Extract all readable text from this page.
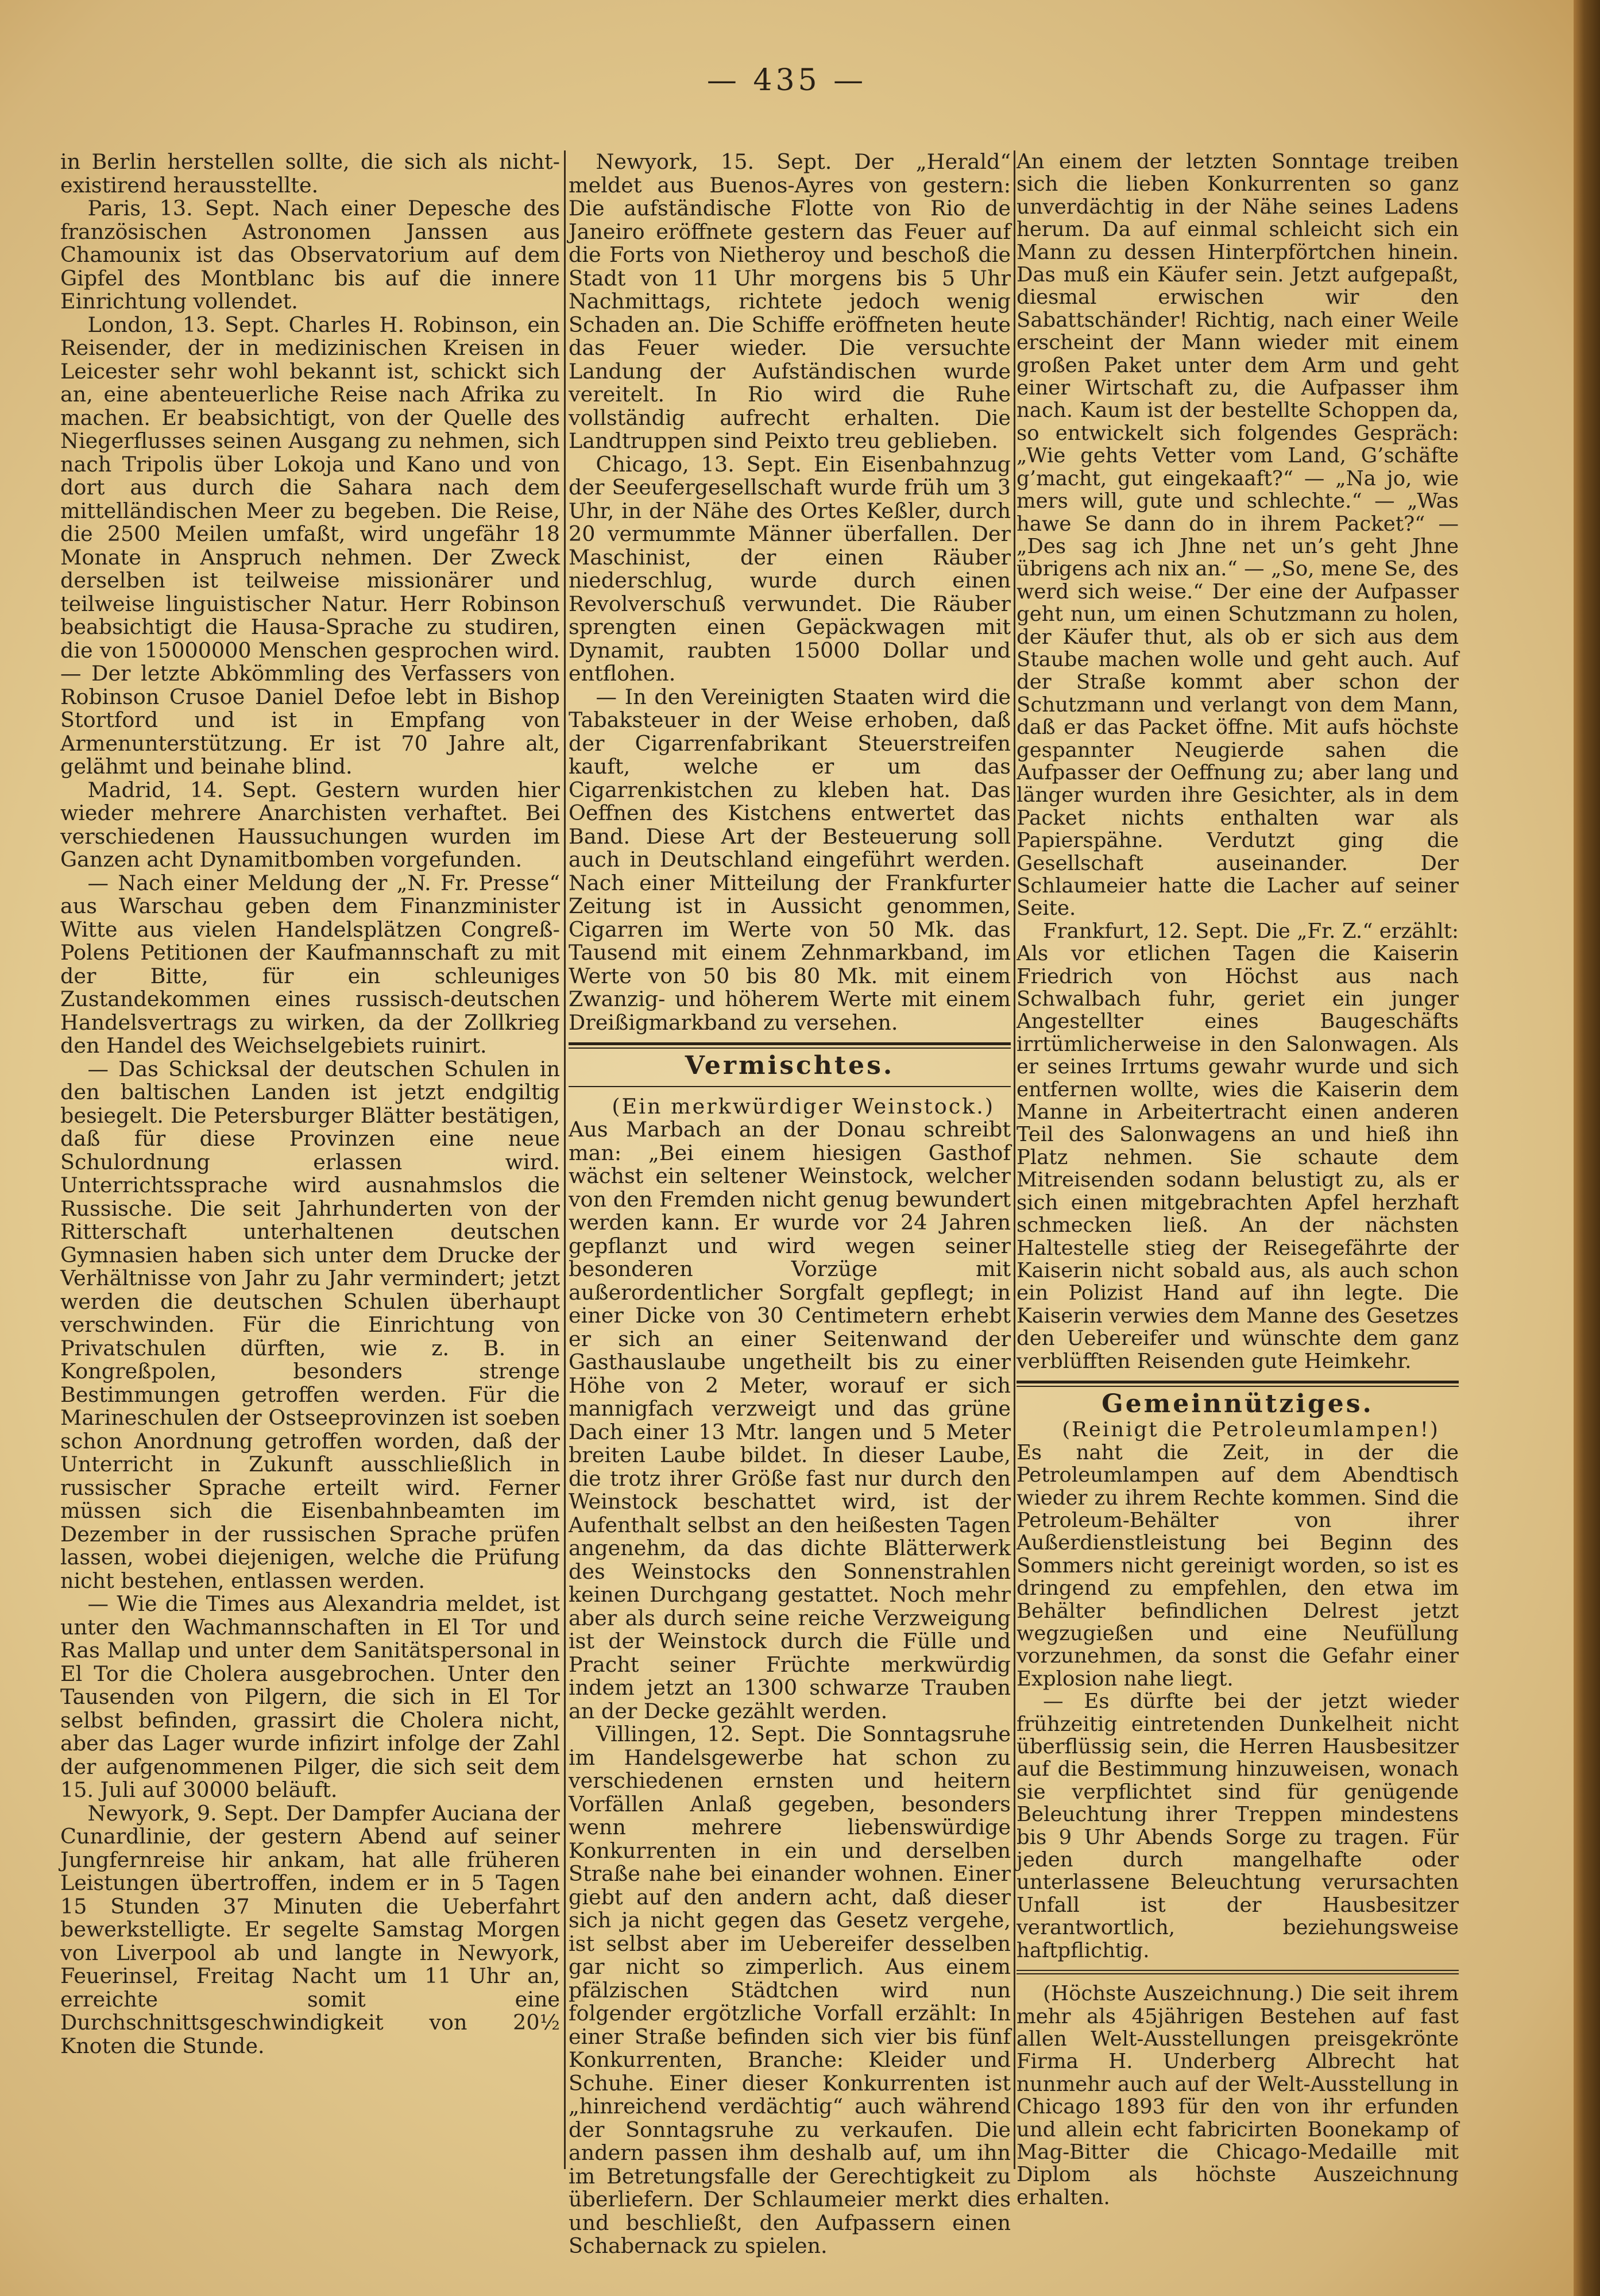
— 435 —

in Berlin herstellen sollte, die sich als nicht-existirend herausstellte.

Paris, 13. Sept. Nach einer Depesche des französischen Astronomen Janssen aus Chamounix ist das Observatorium auf dem Gipfel des Montblanc bis auf die innere Einrichtung vollendet.

London, 13. Sept. Charles H. Robinson, ein Reisender, der in medizinischen Kreisen in Leicester sehr wohl bekannt ist, schickt sich an, eine abenteuerliche Reise nach Afrika zu machen. Er beabsichtigt, von der Quelle des Niegerflusses seinen Ausgang zu nehmen, sich nach Tripolis über Lokoja und Kano und von dort aus durch die Sahara nach dem mittelländischen Meer zu begeben. Die Reise, die 2500 Meilen umfaßt, wird ungefähr 18 Monate in Anspruch nehmen. Der Zweck derselben ist teilweise missionärer und teilweise linguistischer Natur. Herr Robinson beabsichtigt die Hausa-Sprache zu studiren, die von 15000000 Menschen gesprochen wird. — Der letzte Abkömmling des Verfassers von Robinson Crusoe Daniel Defoe lebt in Bishop Stortford und ist in Empfang von Armenunterstützung. Er ist 70 Jahre alt, gelähmt und beinahe blind.

Madrid, 14. Sept. Gestern wurden hier wieder mehrere Anarchisten verhaftet. Bei verschiedenen Haussuchungen wurden im Ganzen acht Dynamitbomben vorgefunden.

— Nach einer Meldung der „N. Fr. Presse“ aus Warschau geben dem Finanzminister Witte aus vielen Handelsplätzen Congreß-Polens Petitionen der Kaufmannschaft zu mit der Bitte, für ein schleuniges Zustandekommen eines russisch-deutschen Handelsvertrags zu wirken, da der Zollkrieg den Handel des Weichselgebiets ruinirt.

— Das Schicksal der deutschen Schulen in den baltischen Landen ist jetzt endgiltig besiegelt. Die Petersburger Blätter bestätigen, daß für diese Provinzen eine neue Schulordnung erlassen wird. Unterrichtssprache wird ausnahmslos die Russische. Die seit Jahrhunderten von der Ritterschaft unterhaltenen deutschen Gymnasien haben sich unter dem Drucke der Verhältnisse von Jahr zu Jahr vermindert; jetzt werden die deutschen Schulen überhaupt verschwinden. Für die Einrichtung von Privatschulen dürften, wie z. B. in Kongreßpolen, besonders strenge Bestimmungen getroffen werden. Für die Marineschulen der Ostseeprovinzen ist soeben schon Anordnung getroffen worden, daß der Unterricht in Zukunft ausschließlich in russischer Sprache erteilt wird. Ferner müssen sich die Eisenbahnbeamten im Dezember in der russischen Sprache prüfen lassen, wobei diejenigen, welche die Prüfung nicht bestehen, entlassen werden.

— Wie die Times aus Alexandria meldet, ist unter den Wachmannschaften in El Tor und Ras Mallap und unter dem Sanitätspersonal in El Tor die Cholera ausgebrochen. Unter den Tausenden von Pilgern, die sich in El Tor selbst befinden, grassirt die Cholera nicht, aber das Lager wurde infizirt infolge der Zahl der aufgenommenen Pilger, die sich seit dem 15. Juli auf 30000 beläuft.

Newyork, 9. Sept. Der Dampfer Auciana der Cunardlinie, der gestern Abend auf seiner Jungfernreise hir ankam, hat alle früheren Leistungen übertroffen, indem er in 5 Tagen 15 Stunden 37 Minuten die Ueberfahrt bewerkstelligte. Er segelte Samstag Morgen von Liverpool ab und langte in Newyork, Feuerinsel, Freitag Nacht um 11 Uhr an, erreichte somit eine Durchschnittsgeschwindigkeit von 20½ Knoten die Stunde.

Newyork, 15. Sept. Der „Herald“ meldet aus Buenos-Ayres von gestern: Die aufständische Flotte von Rio de Janeiro eröffnete gestern das Feuer auf die Forts von Nietheroy und beschoß die Stadt von 11 Uhr morgens bis 5 Uhr Nachmittags, richtete jedoch wenig Schaden an. Die Schiffe eröffneten heute das Feuer wieder. Die versuchte Landung der Aufständischen wurde vereitelt. In Rio wird die Ruhe vollständig aufrecht erhalten. Die Landtruppen sind Peixto treu geblieben.

Chicago, 13. Sept. Ein Eisenbahnzug der Seeufergesellschaft wurde früh um 3 Uhr, in der Nähe des Ortes Keßler, durch 20 vermummte Männer überfallen. Der Maschinist, der einen Räuber niederschlug, wurde durch einen Revolverschuß verwundet. Die Räuber sprengten einen Gepäckwagen mit Dynamit, raubten 15000 Dollar und entflohen.

— In den Vereinigten Staaten wird die Tabaksteuer in der Weise erhoben, daß der Cigarrenfabrikant Steuerstreifen kauft, welche er um das Cigarrenkistchen zu kleben hat. Das Oeffnen des Kistchens entwertet das Band. Diese Art der Besteuerung soll auch in Deutschland eingeführt werden. Nach einer Mitteilung der Frankfurter Zeitung ist in Aussicht genommen, Cigarren im Werte von 50 Mk. das Tausend mit einem Zehnmarkband, im Werte von 50 bis 80 Mk. mit einem Zwanzig- und höherem Werte mit einem Dreißigmarkband zu versehen.

Vermischtes.

(Ein merkwürdiger Weinstock.)

Aus Marbach an der Donau schreibt man: „Bei einem hiesigen Gasthof wächst ein seltener Weinstock, welcher von den Fremden nicht genug bewundert werden kann. Er wurde vor 24 Jahren gepflanzt und wird wegen seiner besonderen Vorzüge mit außerordentlicher Sorgfalt gepflegt; in einer Dicke von 30 Centimetern erhebt er sich an einer Seitenwand der Gasthauslaube ungetheilt bis zu einer Höhe von 2 Meter, worauf er sich mannigfach verzweigt und das grüne Dach einer 13 Mtr. langen und 5 Meter breiten Laube bildet. In dieser Laube, die trotz ihrer Größe fast nur durch den Weinstock beschattet wird, ist der Aufenthalt selbst an den heißesten Tagen angenehm, da das dichte Blätterwerk des Weinstocks den Sonnenstrahlen keinen Durchgang gestattet. Noch mehr aber als durch seine reiche Verzweigung ist der Weinstock durch die Fülle und Pracht seiner Früchte merkwürdig indem jetzt an 1300 schwarze Trauben an der Decke gezählt werden.

Villingen, 12. Sept. Die Sonntagsruhe im Handelsgewerbe hat schon zu verschiedenen ernsten und heitern Vorfällen Anlaß gegeben, besonders wenn mehrere liebenswürdige Konkurrenten in ein und derselben Straße nahe bei einander wohnen. Einer giebt auf den andern acht, daß dieser sich ja nicht gegen das Gesetz vergehe, ist selbst aber im Uebereifer desselben gar nicht so zimperlich. Aus einem pfälzischen Städtchen wird nun folgender ergötzliche Vorfall erzählt: In einer Straße befinden sich vier bis fünf Konkurrenten, Branche: Kleider und Schuhe. Einer dieser Konkurrenten ist „hinreichend verdächtig“ auch während der Sonntagsruhe zu verkaufen. Die andern passen ihm deshalb auf, um ihn im Betretungsfalle der Gerechtigkeit zu überliefern. Der Schlaumeier merkt dies und beschließt, den Aufpassern einen Schabernack zu spielen.

An einem der letzten Sonntage treiben sich die lieben Konkurrenten so ganz unverdächtig in der Nähe seines Ladens herum. Da auf einmal schleicht sich ein Mann zu dessen Hinterpförtchen hinein. Das muß ein Käufer sein. Jetzt aufgepaßt, diesmal erwischen wir den Sabattschänder! Richtig, nach einer Weile erscheint der Mann wieder mit einem großen Paket unter dem Arm und geht einer Wirtschaft zu, die Aufpasser ihm nach. Kaum ist der bestellte Schoppen da, so entwickelt sich folgendes Gespräch: „Wie gehts Vetter vom Land, G’schäfte g’macht, gut eingekaaft?“ — „Na jo, wie mers will, gute und schlechte.“ — „Was hawe Se dann do in ihrem Packet?“ — „Des sag ich Jhne net un’s geht Jhne übrigens ach nix an.“ — „So, mene Se, des werd sich weise.“ Der eine der Aufpasser geht nun, um einen Schutzmann zu holen, der Käufer thut, als ob er sich aus dem Staube machen wolle und geht auch. Auf der Straße kommt aber schon der Schutzmann und verlangt von dem Mann, daß er das Packet öffne. Mit aufs höchste gespannter Neugierde sahen die Aufpasser der Oeffnung zu; aber lang und länger wurden ihre Gesichter, als in dem Packet nichts enthalten war als Papierspähne. Verdutzt ging die Gesellschaft auseinander. Der Schlaumeier hatte die Lacher auf seiner Seite.

Frankfurt, 12. Sept. Die „Fr. Z.“ erzählt: Als vor etlichen Tagen die Kaiserin Friedrich von Höchst aus nach Schwalbach fuhr, geriet ein junger Angestellter eines Baugeschäfts irrtümlicherweise in den Salonwagen. Als er seines Irrtums gewahr wurde und sich entfernen wollte, wies die Kaiserin dem Manne in Arbeitertracht einen anderen Teil des Salonwagens an und hieß ihn Platz nehmen. Sie schaute dem Mitreisenden sodann belustigt zu, als er sich einen mitgebrachten Apfel herzhaft schmecken ließ. An der nächsten Haltestelle stieg der Reisegefährte der Kaiserin nicht sobald aus, als auch schon ein Polizist Hand auf ihn legte. Die Kaiserin verwies dem Manne des Gesetzes den Uebereifer und wünschte dem ganz verblüfften Reisenden gute Heimkehr.

Gemeinnütziges.

(Reinigt die Petroleumlampen!)

Es naht die Zeit, in der die Petroleumlampen auf dem Abendtisch wieder zu ihrem Rechte kommen. Sind die Petroleum-Behälter von ihrer Außerdienstleistung bei Beginn des Sommers nicht gereinigt worden, so ist es dringend zu empfehlen, den etwa im Behälter befindlichen Delrest jetzt wegzugießen und eine Neufüllung vorzunehmen, da sonst die Gefahr einer Explosion nahe liegt.

— Es dürfte bei der jetzt wieder frühzeitig eintretenden Dunkelheit nicht überflüssig sein, die Herren Hausbesitzer auf die Bestimmung hinzuweisen, wonach sie verpflichtet sind für genügende Beleuchtung ihrer Treppen mindestens bis 9 Uhr Abends Sorge zu tragen. Für jeden durch mangelhafte oder unterlassene Beleuchtung verursachten Unfall ist der Hausbesitzer verantwortlich, beziehungsweise haftpflichtig.

(Höchste Auszeichnung.) Die seit ihrem mehr als 45jährigen Bestehen auf fast allen Welt-Ausstellungen preisgekrönte Firma H. Underberg Albrecht hat nunmehr auch auf der Welt-Ausstellung in Chicago 1893 für den von ihr erfunden und allein echt fabricirten Boonekamp of Mag-Bitter die Chicago-Medaille mit Diplom als höchste Auszeichnung erhalten.
